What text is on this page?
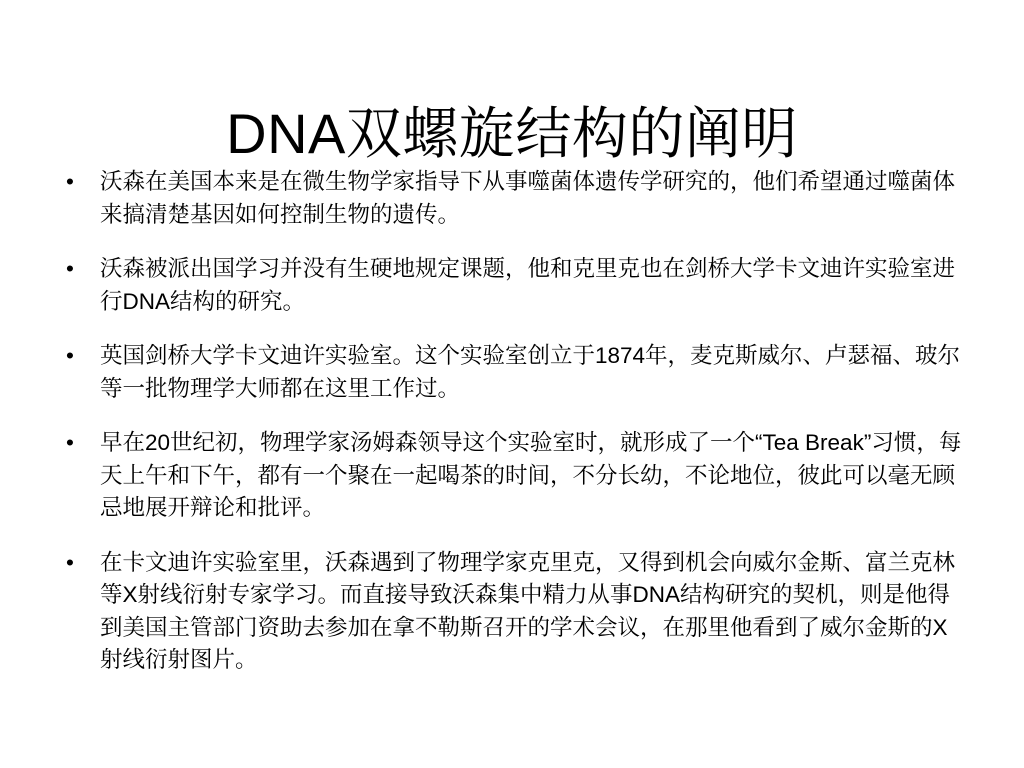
DNA双螺旋结构的阐明
•	沃森在美国本来是在微生物学家指导下从事噬菌体遗传学研究的，他们希望通过噬菌体来搞清楚基因如何控制生物的遗传。
•	沃森被派出国学习并没有生硬地规定课题，他和克里克也在剑桥大学卡文迪许实验室进行DNA结构的研究。
•	英国剑桥大学卡文迪许实验室。这个实验室创立于1874年，麦克斯威尔、卢瑟福、玻尔等一批物理学大师都在这里工作过。
•	早在20世纪初，物理学家汤姆森领导这个实验室时，就形成了一个“Tea Break”习惯，每天上午和下午，都有一个聚在一起喝茶的时间，不分长幼，不论地位，彼此可以毫无顾忌地展开辩论和批评。
•	在卡文迪许实验室里，沃森遇到了物理学家克里克，又得到机会向威尔金斯、富兰克林等X射线衍射专家学习。而直接导致沃森集中精力从事DNA结构研究的契机，则是他得到美国主管部门资助去参加在拿不勒斯召开的学术会议，在那里他看到了威尔金斯的X射线衍射图片。
